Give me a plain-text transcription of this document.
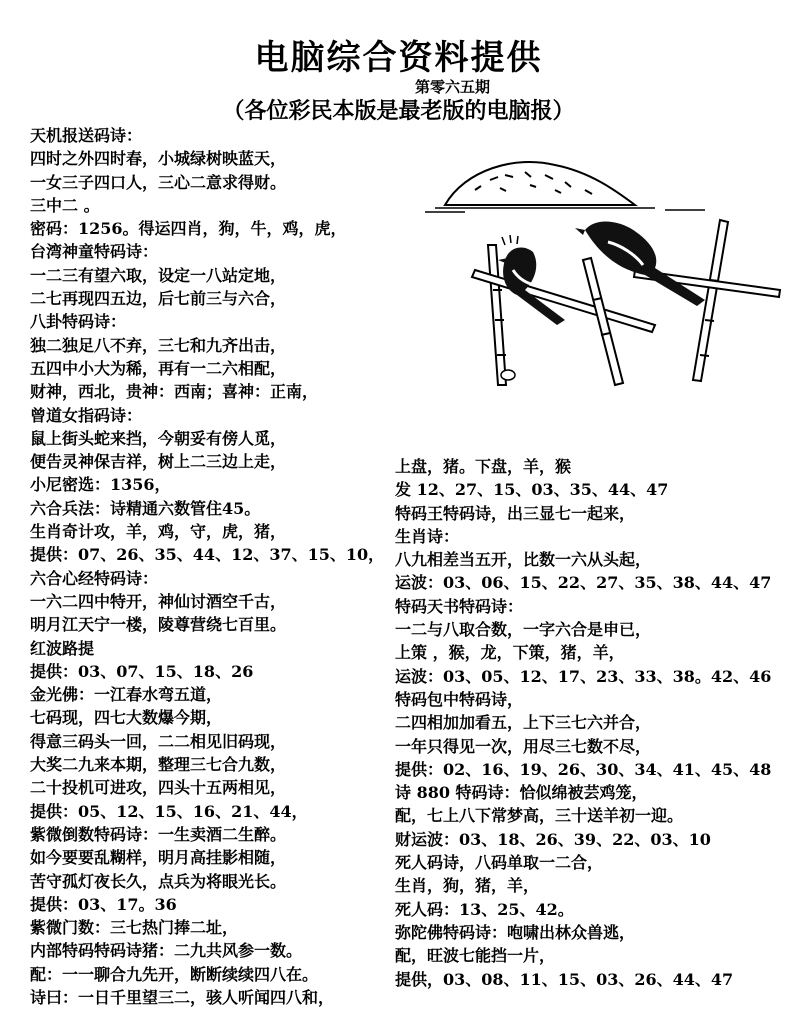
电脑综合资料提供
第零六五期
（各位彩民本版是最老版的电脑报）
天机报送码诗：
四时之外四时春，小城绿树映蓝天，
一女三子四口人，三心二意求得财。
三中二 。
密码：1256。得运四肖，狗，牛，鸡，虎，
台湾神童特码诗：
一二三有望六取，设定一八站定地，
二七再现四五边，后七前三与六合，
八卦特码诗：
独二独足八不弃，三七和九齐出击，
五四中小大为稀，再有一二六相配，
财神，西北，贵神：西南；喜神：正南，
曾道女指码诗：
鼠上街头蛇来挡，今朝妥有傍人觅，
便告灵神保吉祥，树上二三边上走，
小尼密选：1356，
六合兵法：诗精通六数管住45。
生肖奇计攻，羊，鸡，守，虎，猪，
提供：07、26、35、44、12、37、15、10，
六合心经特码诗：
一六二四中特开，神仙讨酒空千古，
明月江天宁一楼，陵尊营绕七百里。
红波路提
提供：03、07、15、18、26
金光佛：一江春水弯五道，
七码现，四七大数爆今期，
得意三码头一回，二二相见旧码现，
大奖二九来本期，整理三七合九数，
二十投机可进攻，四头十五两相见，
提供：05、12、15、16、21、44，
紫微倒数特码诗：一生卖酒二生醉。
如今要要乱糊样，明月高挂影相随，
苦守孤灯夜长久，点兵为将眼光长。
提供：03、17。36
紫微门数：三七热门捧二址，
内部特码特码诗猪：二九共风参一数。
配：一一聊合九先开，断断续续四八在。
诗曰：一日千里望三二，骇人听闻四八和，
上盘，猪。下盘，羊，猴
发 12、27、15、03、35、44、47
特码王特码诗，出三显七一起来，
生肖诗：
八九相差当五开，比数一六从头起，
运波：03、06、15、22、27、35、38、44、47
特码天书特码诗：
一二与八取合数，一字六合是申已，
上策 ，猴，龙，下策，猪，羊，
运波：03、05、12、17、23、33、38。42、46
特码包中特码诗，
二四相加加看五，上下三七六并合，
一年只得见一次，用尽三七数不尽，
提供：02、16、19、26、30、34、41、45、48
诗 880 特码诗：恰似绵被芸鸡笼，
配，七上八下常梦高，三十送羊初一迎。
财运波：03、18、26、39、22、03、10
死人码诗，八码单取一二合，
生肖，狗，猪，羊，
死人码：13、25、42。
弥陀佛特码诗：咆啸出林众兽逃，
配，旺波七能挡一片，
提供，03、08、11、15、03、26、44、47
